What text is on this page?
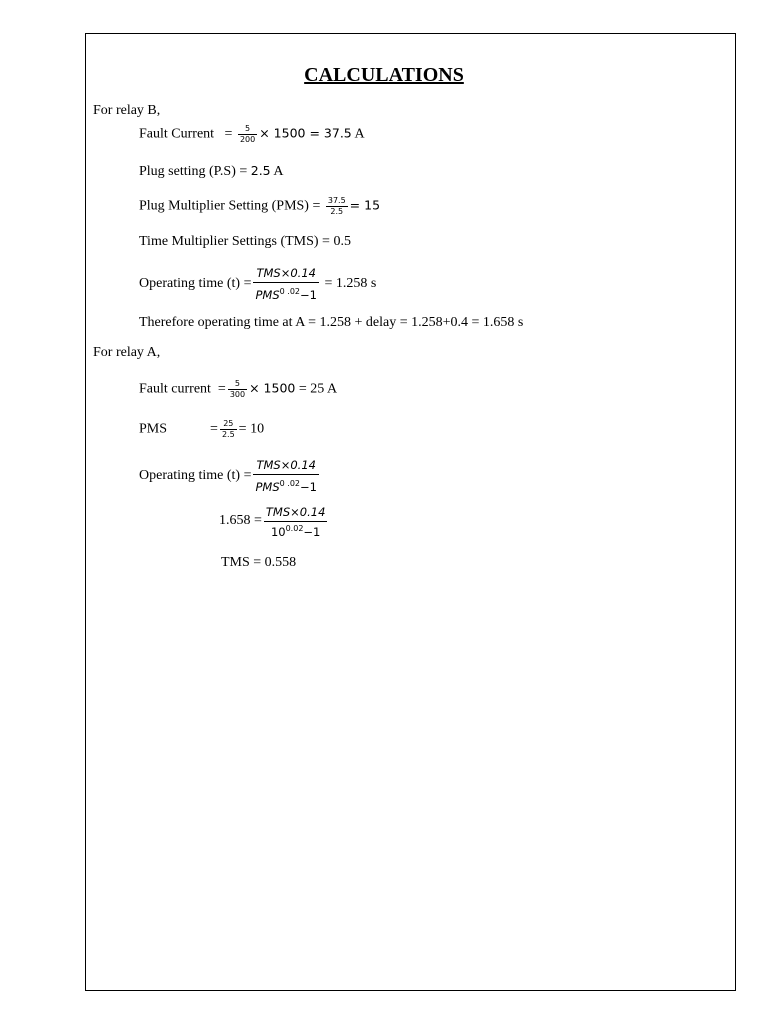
CALCULATIONS
For relay B,
Fault Current = $\frac{5}{200} \times 1500 = 37.5$ A
Plug setting (P.S) = 2.5 A
Plug Multiplier Setting $(PMS) = \frac{37.5}{2.5} = 15$
Time Multiplier Settings (TMS) = 0.5
Operating time $(t) = \frac{\text{TMS×0.14}}{PMS^{0 .02}-1} = 1.258$ s
Therefore operating time at A = 1.258 + delay = 1.258+0.4 = 1.658 s
For relay A,
Fault current = $\frac{5}{300} \times 1500 = 25$ A
PMS	= $\frac{25}{2.5} = 10$
Operating time $(t) = \frac{\text{TMS×0.14}}{PMS^{0 .02}-1}$
$1.658 = \frac{\text{TMS×0.14}}{10^{0.02}-1}$
TMS = 0.558
